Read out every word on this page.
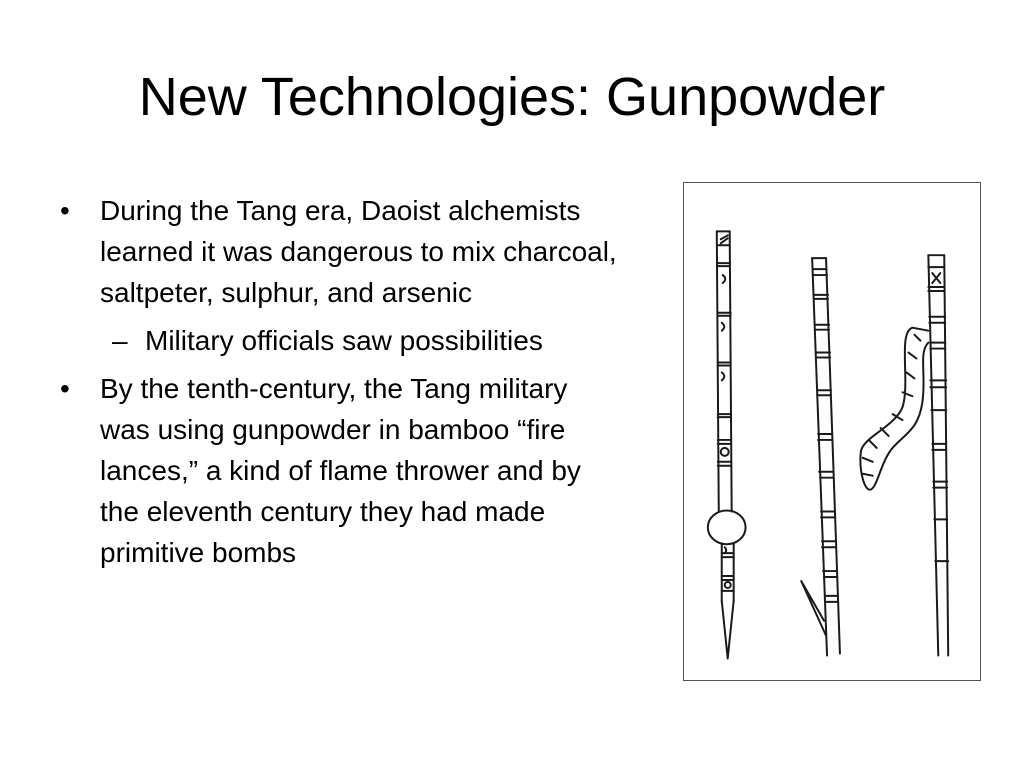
New Technologies: Gunpowder
• During the Tang era, Daoist alchemists learned it was dangerous to mix charcoal, saltpeter, sulphur, and arsenic
– Military officials saw possibilities
• By the tenth-century, the Tang military was using gunpowder in bamboo “fire lances,” a kind of flame thrower and by the eleventh century they had made primitive bombs
